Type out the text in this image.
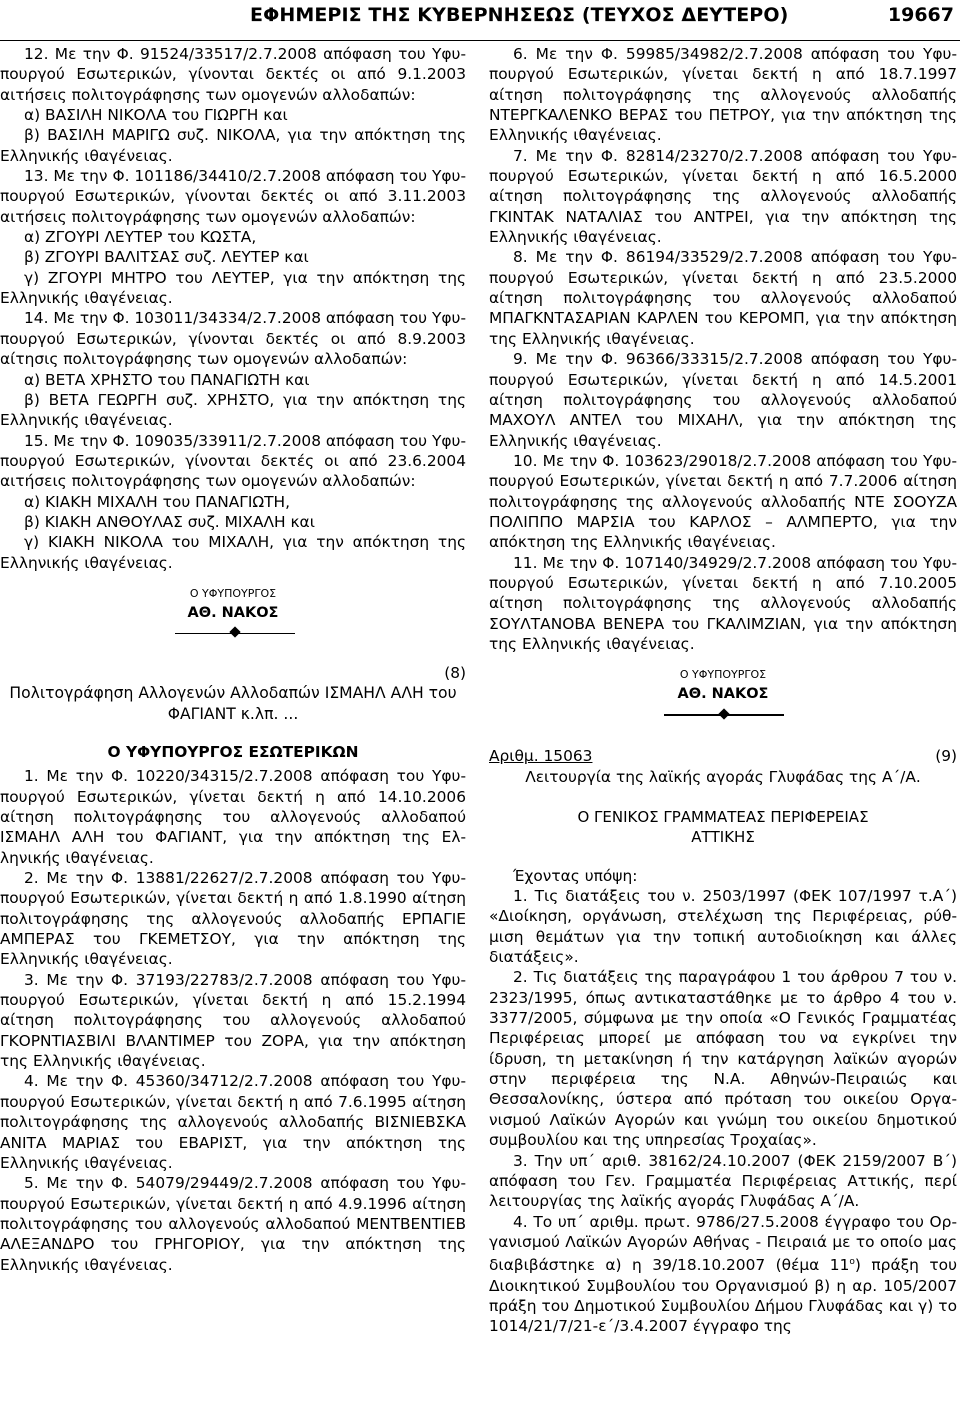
ΕΦΗΜΕΡΙΣ ΤΗΣ ΚΥΒΕΡΝΗΣΕΩΣ (ΤΕΥΧΟΣ ΔΕΥΤΕΡΟ)	19667

12. Με την Φ. 91524/33517/2.7.2008 απόφαση του Υφυπουργού Εσωτερικών, γίνονται δεκτές οι από 9.1.2003 αιτήσεις πολιτογράφησης των ομογενών αλλοδαπών:

α) ΒΑΣΙΛΗ ΝΙΚΟΛΑ του ΓΙΩΡΓΗ και

β) ΒΑΣΙΛΗ ΜΑΡΙΓΩ συζ. ΝΙΚΟΛΑ, για την απόκτηση της Ελληνικής ιθαγένειας.

13. Με την Φ. 101186/34410/2.7.2008 απόφαση του Υφυπουργού Εσωτερικών, γίνονται δεκτές οι από 3.11.2003 αιτήσεις πολιτογράφησης των ομογενών αλλοδαπών:

α) ΖΓΟΥΡΙ ΛΕΥΤΕΡ του ΚΩΣΤΑ,

β) ΖΓΟΥΡΙ ΒΑΛΙΤΣΑΣ συζ. ΛΕΥΤΕΡ και

γ) ΖΓΟΥΡΙ ΜΗΤΡΟ του ΛΕΥΤΕΡ, για την απόκτηση της Ελληνικής ιθαγένειας.

14. Με την Φ. 103011/34334/2.7.2008 απόφαση του Υφυπουργού Εσωτερικών, γίνονται δεκτές οι από 8.9.2003 αίτησις πολιτογράφησης των ομογενών αλλοδαπών:

α) ΒΕΤΑ ΧΡΗΣΤΟ του ΠΑΝΑΓΙΩΤΗ και

β) ΒΕΤΑ ΓΕΩΡΓΗ συζ. ΧΡΗΣΤΟ, για την απόκτηση της Ελληνικής ιθαγένειας.

15. Με την Φ. 109035/33911/2.7.2008 απόφαση του Υφυπουργού Εσωτερικών, γίνονται δεκτές οι από 23.6.2004 αιτήσεις πολιτογράφησης των ομογενών αλλοδαπών:

α) ΚΙΑΚΗ ΜΙΧΑΛΗ του ΠΑΝΑΓΙΩΤΗ,

β) ΚΙΑΚΗ ΑΝΘΟΥΛΑΣ συζ. ΜΙΧΑΛΗ και

γ) ΚΙΑΚΗ ΝΙΚΟΛΑ του ΜΙΧΑΛΗ, για την απόκτηση της Ελληνικής ιθαγένειας.

Ο ΥΦΥΠΟΥΡΓΟΣ

ΑΘ. ΝΑΚΟΣ

(8)

Πολιτογράφηση Αλλογενών Αλλοδαπών ΙΣΜΑΗΛ ΑΛΗ του ΦΑΓΙΑΝΤ κ.λπ. ...

Ο ΥΦΥΠΟΥΡΓΟΣ ΕΣΩΤΕΡΙΚΩΝ

1. Με την Φ. 10220/34315/2.7.2008 απόφαση του Υφυπουργού Εσωτερικών, γίνεται δεκτή η από 14.10.2006 αίτηση πολιτογράφησης του αλλογενούς αλλοδαπού ΙΣΜΑΗΛ ΑΛΗ του ΦΑΓΙΑΝΤ, για την απόκτηση της Ελληνικής ιθαγένειας.

2. Με την Φ. 13881/22627/2.7.2008 απόφαση του Υφυπουργού Εσωτερικών, γίνεται δεκτή η από 1.8.1990 αίτηση πολιτογράφησης της αλλογενούς αλλοδαπής ΕΡΠΑΓΙΕ ΑΜΠΕΡΑΣ του ΓΚΕΜΕΤΣΟΥ, για την απόκτηση της Ελληνικής ιθαγένειας.

3. Με την Φ. 37193/22783/2.7.2008 απόφαση του Υφυπουργού Εσωτερικών, γίνεται δεκτή η από 15.2.1994 αίτηση πολιτογράφησης του αλλογενούς αλλοδαπού ΓΚΟΡΝΤΙΑΣΒΙΛΙ ΒΛΑΝΤΙΜΕΡ του ΖΟΡΑ, για την απόκτηση της Ελληνικής ιθαγένειας.

4. Με την Φ. 45360/34712/2.7.2008 απόφαση του Υφυπουργού Εσωτερικών, γίνεται δεκτή η από 7.6.1995 αίτηση πολιτογράφησης της αλλογενούς αλλοδαπής ΒΙΣΝΙΕΒΣΚΑ ΑΝΙΤΑ ΜΑΡΙΑΣ του ΕΒΑΡΙΣΤ, για την απόκτηση της Ελληνικής ιθαγένειας.

5. Με την Φ. 54079/29449/2.7.2008 απόφαση του Υφυπουργού Εσωτερικών, γίνεται δεκτή η από 4.9.1996 αίτηση πολιτογράφησης του αλλογενούς αλλοδαπού ΜΕΝΤΒΕΝΤΙΕΒ ΑΛΕΞΑΝΔΡΟ του ΓΡΗΓΟΡΙΟΥ, για την απόκτηση της Ελληνικής ιθαγένειας.

6. Με την Φ. 59985/34982/2.7.2008 απόφαση του Υφυπουργού Εσωτερικών, γίνεται δεκτή η από 18.7.1997 αίτηση πολιτογράφησης της αλλογενούς αλλοδαπής ΝΤΕΡΓΚΑΛΕΝΚΟ ΒΕΡΑΣ του ΠΕΤΡΟΥ, για την απόκτηση της Ελληνικής ιθαγένειας.

7. Με την Φ. 82814/23270/2.7.2008 απόφαση του Υφυπουργού Εσωτερικών, γίνεται δεκτή η από 16.5.2000 αίτηση πολιτογράφησης της αλλογενούς αλλοδαπής ΓΚΙΝΤΑΚ ΝΑΤΑΛΙΑΣ του ΑΝΤΡΕΙ, για την απόκτηση της Ελληνικής ιθαγένειας.

8. Με την Φ. 86194/33529/2.7.2008 απόφαση του Υφυπουργού Εσωτερικών, γίνεται δεκτή η από 23.5.2000 αίτηση πολιτογράφησης του αλλογενούς αλλοδαπού ΜΠΑΓΚΝΤΑΣΑΡΙΑΝ ΚΑΡΛΕΝ του ΚΕΡΟΜΠ, για την απόκτηση της Ελληνικής ιθαγένειας.

9. Με την Φ. 96366/33315/2.7.2008 απόφαση του Υφυπουργού Εσωτερικών, γίνεται δεκτή η από 14.5.2001 αίτηση πολιτογράφησης του αλλογενούς αλλοδαπού ΜΑΧΟΥΛ ΑΝΤΕΛ του ΜΙΧΑΗΛ, για την απόκτηση της Ελληνικής ιθαγένειας.

10. Με την Φ. 103623/29018/2.7.2008 απόφαση του Υφυπουργού Εσωτερικών, γίνεται δεκτή η από 7.7.2006 αίτηση πολιτογράφησης της αλλογενούς αλλοδαπής ΝΤΕ ΣΟΟΥΖΑ ΠΟΛΙΠΠΟ ΜΑΡΣΙΑ του ΚΑΡΛΟΣ – ΑΛΜΠΕΡΤΟ, για την απόκτηση της Ελληνικής ιθαγένειας.

11. Με την Φ. 107140/34929/2.7.2008 απόφαση του Υφυπουργού Εσωτερικών, γίνεται δεκτή η από 7.10.2005 αίτηση πολιτογράφησης της αλλογενούς αλλοδαπής ΣΟΥΛΤΑΝΟΒΑ ΒΕΝΕΡΑ του ΓΚΑΛΙΜΖΙΑΝ, για την απόκτηση της Ελληνικής ιθαγένειας.

Ο ΥΦΥΠΟΥΡΓΟΣ

ΑΘ. ΝΑΚΟΣ

Αριθμ. 15063	(9)

Λειτουργία της λαϊκής αγοράς Γλυφάδας της Α΄/Α.

Ο ΓΕΝΙΚΟΣ ΓΡΑΜΜΑΤΕΑΣ ΠΕΡΙΦΕΡΕΙΑΣ

ΑΤΤΙΚΗΣ

Έχοντας υπόψη:

1. Τις διατάξεις του ν. 2503/1997 (ΦΕΚ 107/1997 τ.Α΄) «Διοίκηση, οργάνωση, στελέχωση της Περιφέρειας, ρύθμιση θεμάτων για την τοπική αυτοδιοίκηση και άλλες διατάξεις».

2. Τις διατάξεις της παραγράφου 1 του άρθρου 7 του ν. 2323/1995, όπως αντικαταστάθηκε με το άρθρο 4 του ν. 3377/2005, σύμφωνα με την οποία «Ο Γενικός Γραμματέας Περιφέρειας μπορεί με απόφαση του να εγκρίνει την ίδρυση, τη μετακίνηση ή την κατάργηση λαϊκών αγορών στην περιφέρεια της Ν.Α. Αθηνών-Πειραιώς και Θεσσαλονίκης, ύστερα από πρόταση του οικείου Οργανισμού Λαϊκών Αγορών και γνώμη του οικείου δημοτικού συμβουλίου και της υπηρεσίας Τροχαίας».

3. Την υπ΄ αριθ. 38162/24.10.2007 (ΦΕΚ 2159/2007 Β΄) απόφαση του Γεν. Γραμματέα Περιφέρειας Αττικής, περί λειτουργίας της λαϊκής αγοράς Γλυφάδας Α΄/Α.

4. Το υπ΄ αριθμ. πρωτ. 9786/27.5.2008 έγγραφο του Οργανισμού Λαϊκών Αγορών Αθήνας - Πειραιά με το οποίο μας διαβιβάστηκε α) η 39/18.10.2007 (θέμα $11^o$) πράξη του Διοικητικού Συμβουλίου του Οργανισμού β) η αρ. 105/2007 πράξη του Δημοτικού Συμβουλίου Δήμου Γλυφάδας και γ) το 1014/21/7/21-ε΄/3.4.2007 έγγραφο της
